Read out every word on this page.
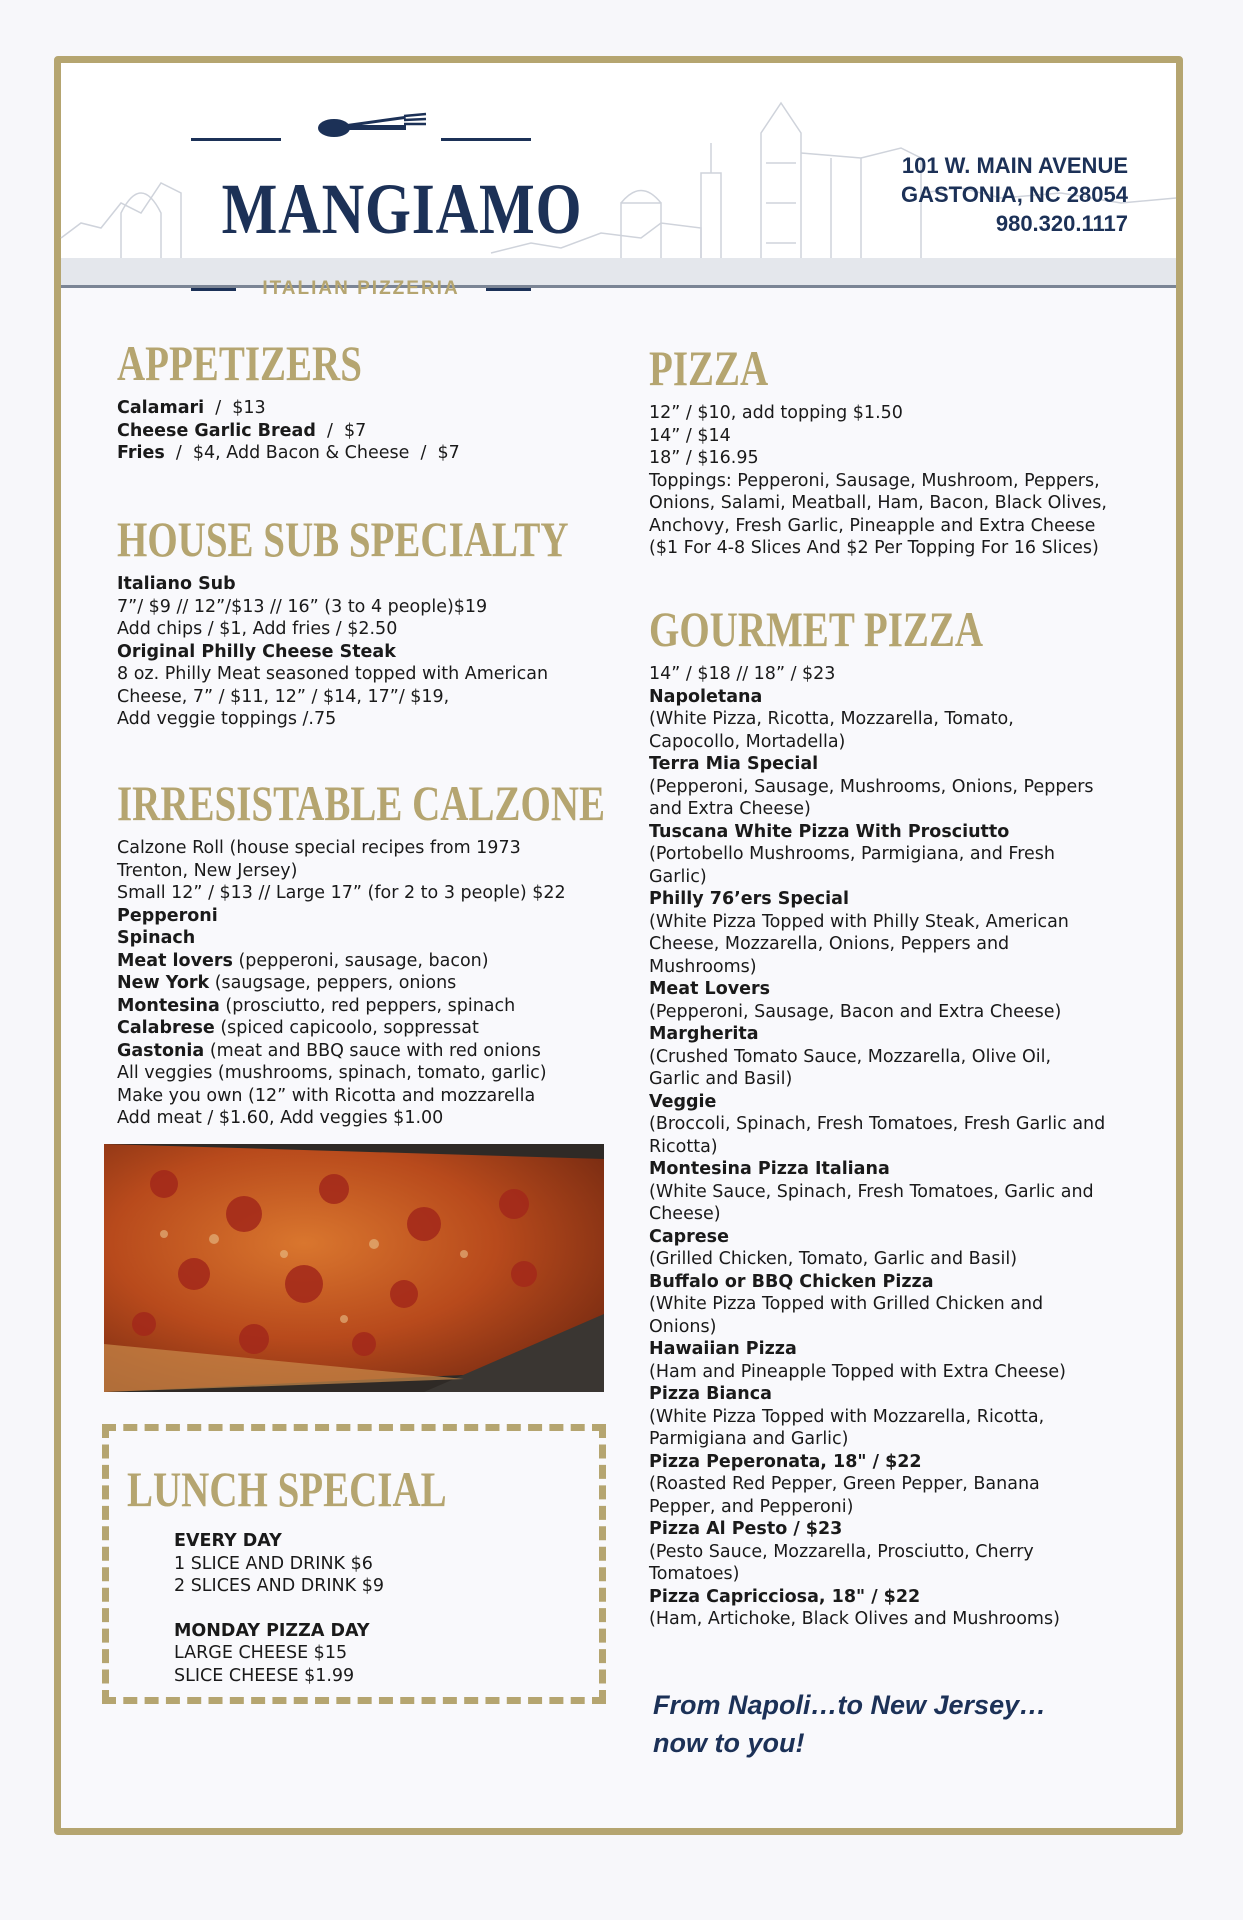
MANGIAMO
ITALIAN PIZZERIA
101 W. MAIN AVENUE
GASTONIA, NC 28054
980.320.1117
APPETIZERS
Calamari  /  $13
Cheese Garlic Bread  /  $7
Fries  /  $4, Add Bacon & Cheese  /  $7
HOUSE SUB SPECIALTY
Italiano Sub
7”/ $9 // 12”/$13 // 16” (3 to 4 people)$19
Add chips / $1, Add fries / $2.50
Original Philly Cheese Steak
8 oz. Philly Meat seasoned topped with American
Cheese, 7” / $11, 12” / $14, 17”/ $19,
Add veggie toppings /.75
IRRESISTABLE CALZONE
Calzone Roll (house special recipes from 1973
Trenton, New Jersey)
Small 12” / $13 // Large 17” (for 2 to 3 people) $22
Pepperoni
Spinach
Meat lovers (pepperoni, sausage, bacon)
New York (saugsage, peppers, onions
Montesina (prosciutto, red peppers, spinach
Calabrese (spiced capicoolo, soppressat
Gastonia (meat and BBQ sauce with red onions
All veggies (mushrooms, spinach, tomato, garlic)
Make you own (12” with Ricotta and mozzarella
Add meat / $1.60, Add veggies $1.00
LUNCH SPECIAL
EVERY DAY
1 SLICE AND DRINK $6
2 SLICES AND DRINK $9
MONDAY PIZZA DAY
LARGE CHEESE $15
SLICE CHEESE $1.99
PIZZA
12” / $10, add topping $1.50
14” / $14
18” / $16.95
Toppings: Pepperoni, Sausage, Mushroom, Peppers,
Onions, Salami, Meatball, Ham, Bacon, Black Olives,
Anchovy, Fresh Garlic, Pineapple and Extra Cheese
($1 For 4-8 Slices And $2 Per Topping For 16 Slices)
GOURMET PIZZA
14” / $18 // 18” / $23
Napoletana
(White Pizza, Ricotta, Mozzarella, Tomato,
Capocollo, Mortadella)
Terra Mia Special
(Pepperoni, Sausage, Mushrooms, Onions, Peppers
and Extra Cheese)
Tuscana White Pizza With Prosciutto
(Portobello Mushrooms, Parmigiana, and Fresh
Garlic)
Philly 76’ers Special
(White Pizza Topped with Philly Steak, American
Cheese, Mozzarella, Onions, Peppers and
Mushrooms)
Meat Lovers
(Pepperoni, Sausage, Bacon and Extra Cheese)
Margherita
(Crushed Tomato Sauce, Mozzarella, Olive Oil,
Garlic and Basil)
Veggie
(Broccoli, Spinach, Fresh Tomatoes, Fresh Garlic and
Ricotta)
Montesina Pizza Italiana
(White Sauce, Spinach, Fresh Tomatoes, Garlic and
Cheese)
Caprese
(Grilled Chicken, Tomato, Garlic and Basil)
Buffalo or BBQ Chicken Pizza
(White Pizza Topped with Grilled Chicken and
Onions)
Hawaiian Pizza
(Ham and Pineapple Topped with Extra Cheese)
Pizza Bianca
(White Pizza Topped with Mozzarella, Ricotta,
Parmigiana and Garlic)
Pizza Peperonata, 18" / $22
(Roasted Red Pepper, Green Pepper, Banana
Pepper, and Pepperoni)
Pizza Al Pesto / $23
(Pesto Sauce, Mozzarella, Prosciutto, Cherry
Tomatoes)
Pizza Capricciosa, 18" / $22
(Ham, Artichoke, Black Olives and Mushrooms)
From Napoli…to New Jersey…
now to you!
